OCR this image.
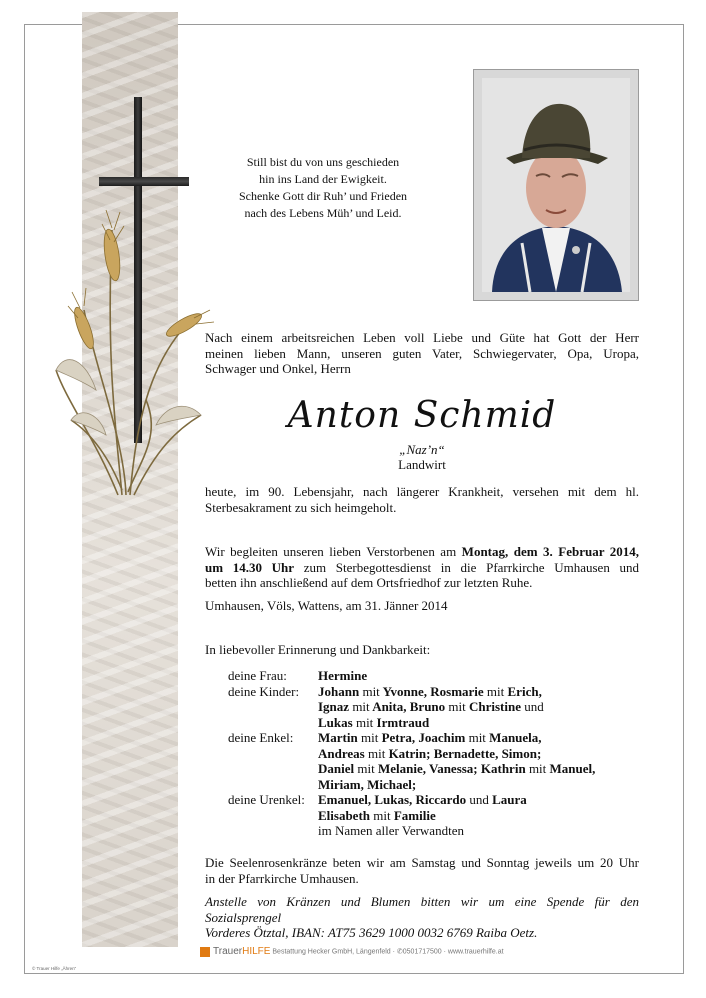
Still bist du von uns geschieden
hin ins Land der Ewigkeit.
Schenke Gott dir Ruh’ und Frieden
nach des Lebens Müh’ und Leid.
Nach einem arbeitsreichen Leben voll Liebe und Güte hat Gott der Herr
meinen lieben Mann, unseren guten Vater, Schwiegervater, Opa, Uropa,
Schwager und Onkel, Herrn
Anton Schmid
„Naz’n“
Landwirt
heute, im 90. Lebensjahr, nach längerer Krankheit, versehen mit dem hl.
Sterbesakrament zu sich heimgeholt.
Wir begleiten unseren lieben Verstorbenen am Montag, dem 3. Februar 2014,
um 14.30 Uhr zum Sterbegottesdienst in die Pfarrkirche Umhausen und
betten ihn anschließend auf dem Ortsfriedhof zur letzten Ruhe.
Umhausen, Völs, Wattens, am 31. Jänner 2014
In liebevoller Erinnerung und Dankbarkeit:
deine Frau: Hermine
deine Kinder: Johann mit Yvonne, Rosmarie mit Erich,
Ignaz mit Anita, Bruno mit Christine und
Lukas mit Irmtraud
deine Enkel: Martin mit Petra, Joachim mit Manuela,
Andreas mit Katrin; Bernadette, Simon;
Daniel mit Melanie, Vanessa; Kathrin mit Manuel,
Miriam, Michael;
deine Urenkel: Emanuel, Lukas, Riccardo und Laura
Elisabeth mit Familie
im Namen aller Verwandten
Die Seelenrosenkränze beten wir am Samstag und Sonntag jeweils um 20 Uhr
in der Pfarrkirche Umhausen.
Anstelle von Kränzen und Blumen bitten wir um eine Spende für den Sozialsprengel
Vorderes Ötztal, IBAN: AT75 3629 1000 0032 6769 Raiba Oetz.
TrauerHILFE Bestattung Hecker GmbH, Längenfeld · ✆0501717500 · www.trauerhilfe.at
© Trauer Hilfe „Ähren“
